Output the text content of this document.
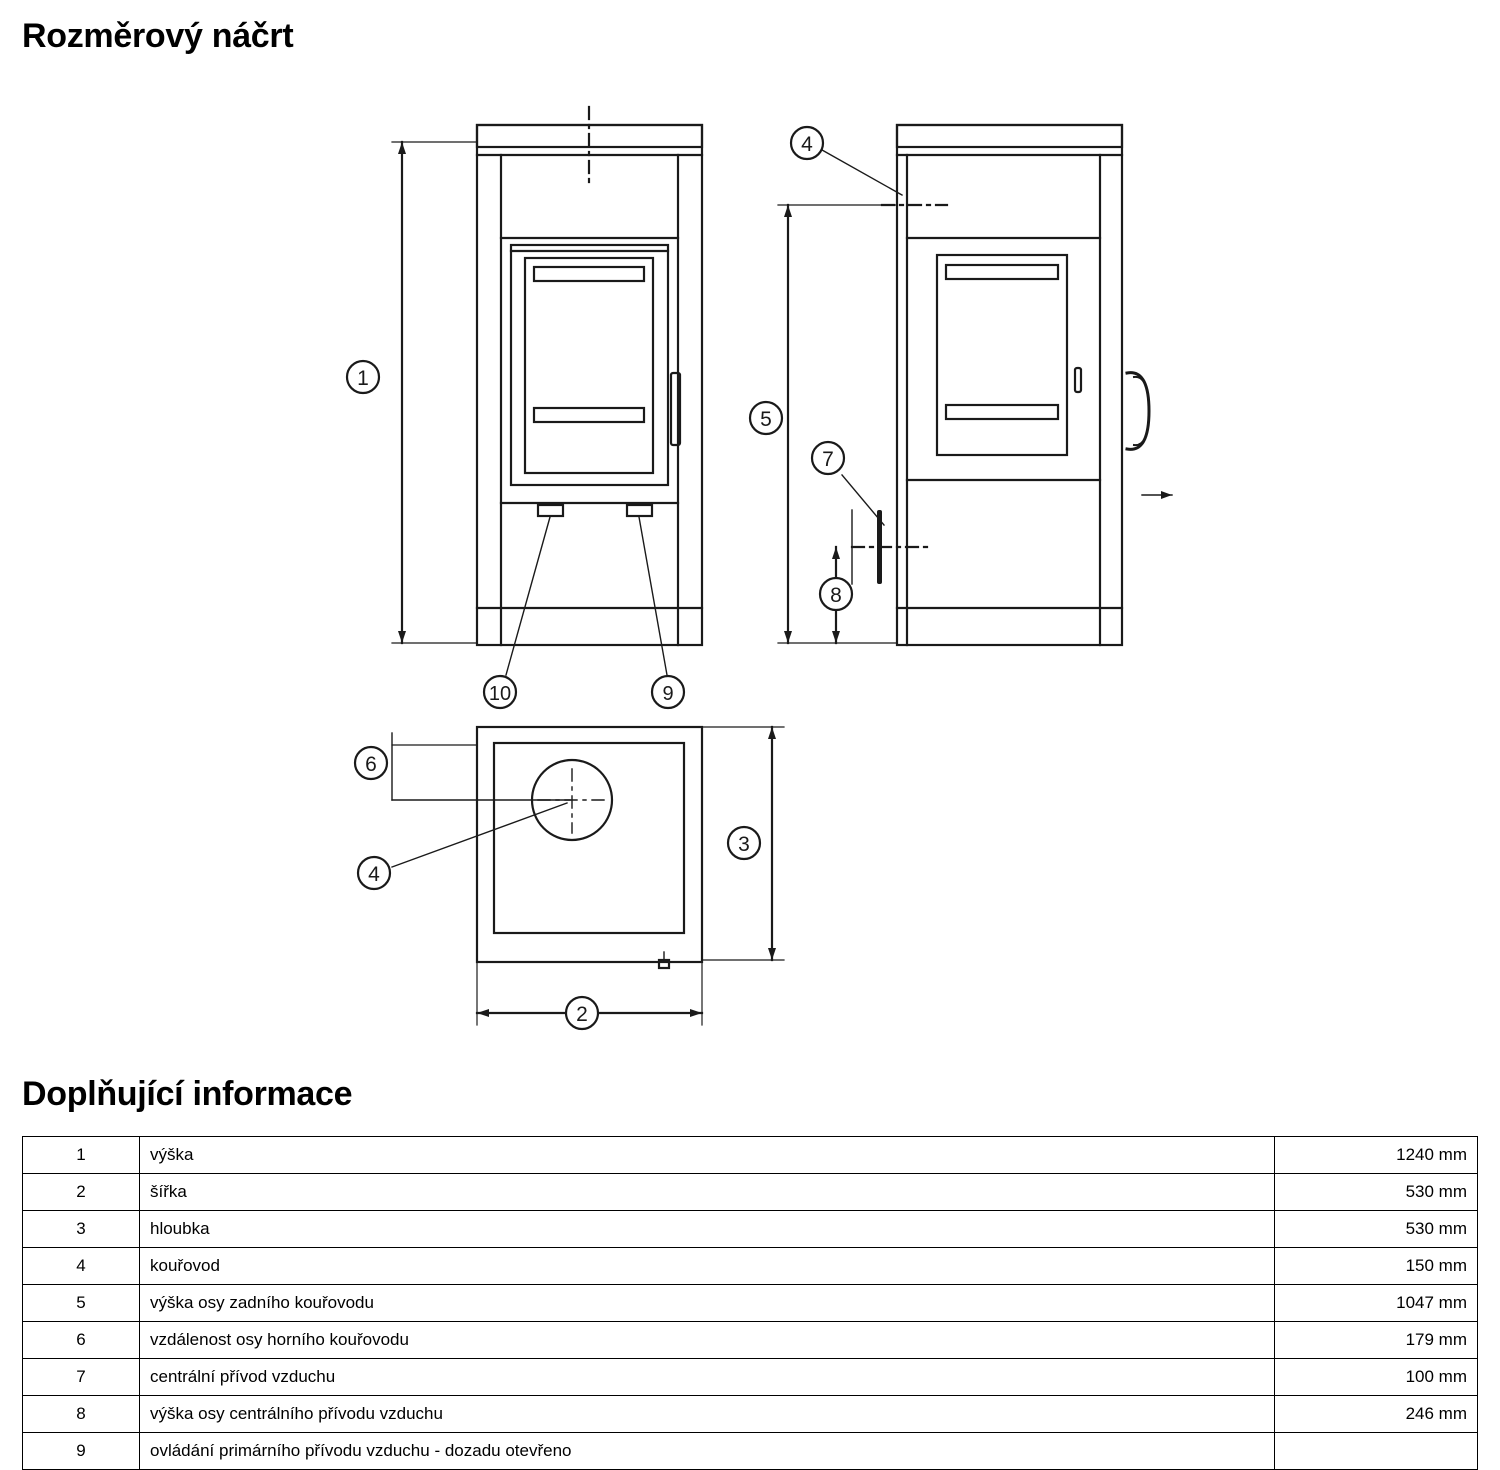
Rozměrový náčrt
1
10	9
4
7
5
8
4
6
3
2
Doplňující informace
1	výška	1240 mm
2	šířka	530 mm
3	hloubka	530 mm
4	kouřovod	150 mm
5	výška osy zadního kouřovodu	1047 mm
6	vzdálenost osy horního kouřovodu	179 mm
7	centrální přívod vzduchu	100 mm
8	výška osy centrálního přívodu vzduchu	246 mm
9	ovládání primárního přívodu vzduchu - dozadu otevřeno	
